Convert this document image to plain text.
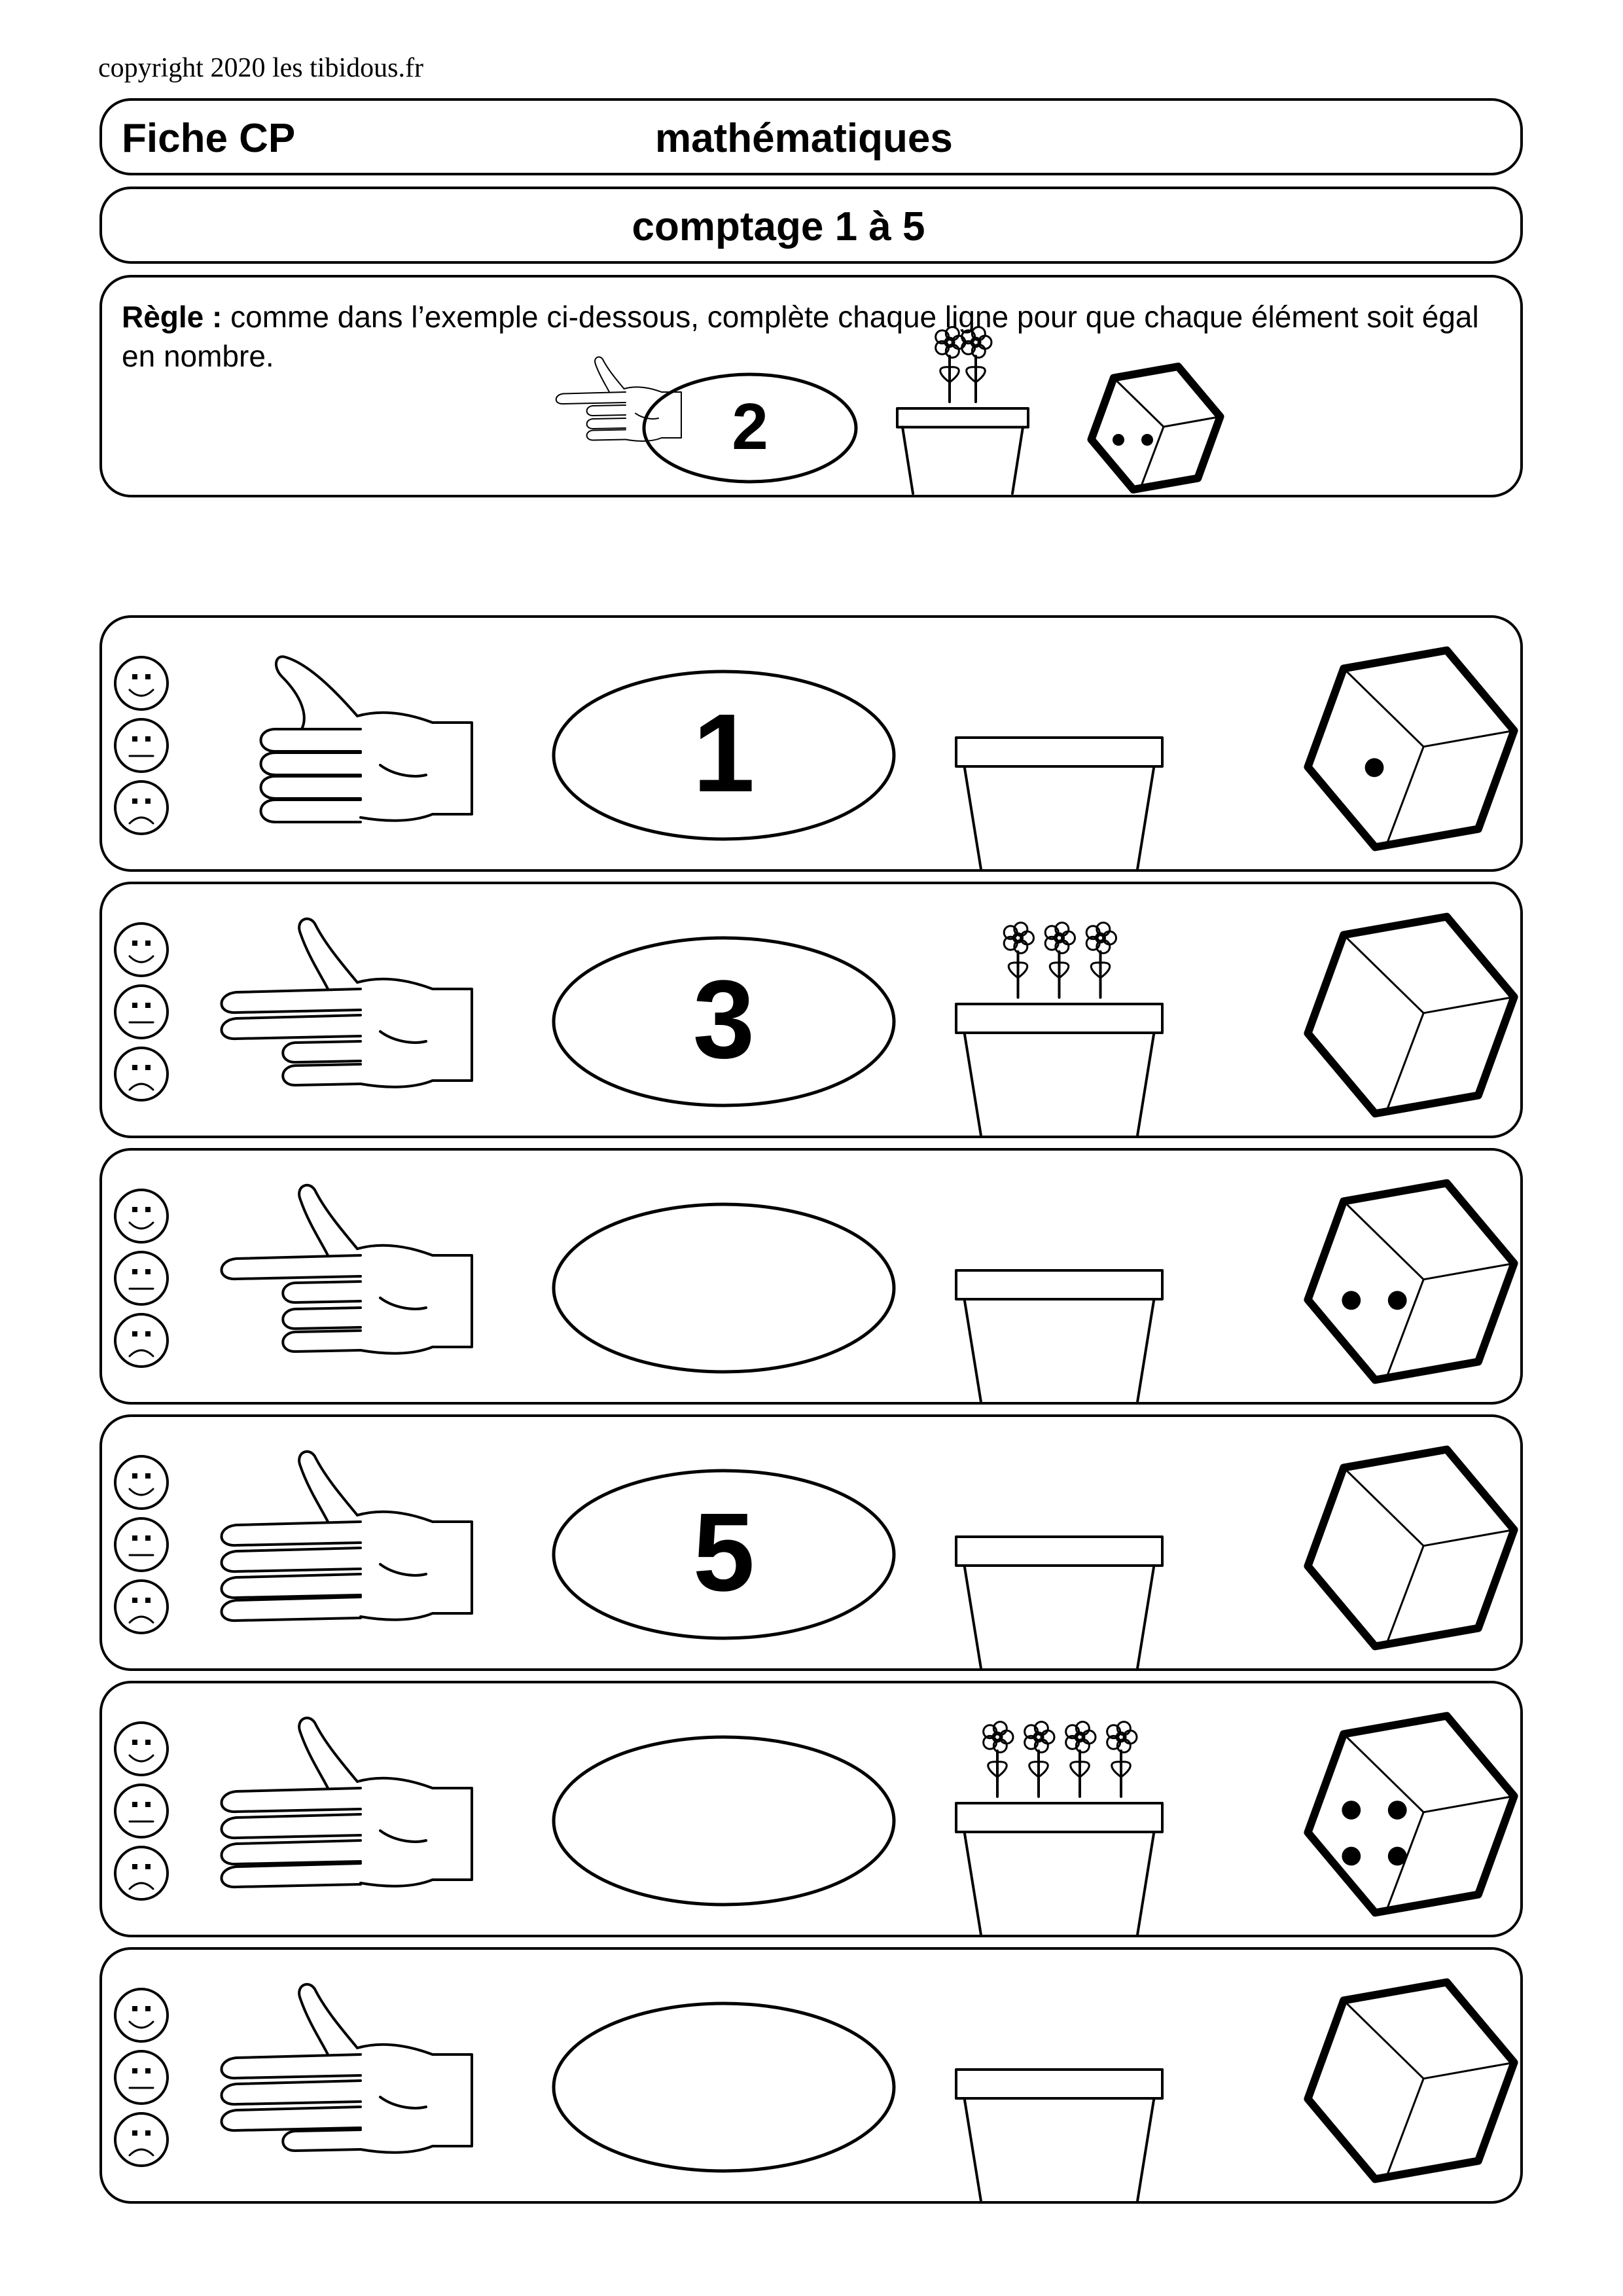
copyright 2020 les tibidous.fr
Fiche CP	mathématiques
comptage 1 à 5
Règle : comme dans l’exemple ci-dessous, complète chaque ligne pour que chaque élément soit égal en nombre.
2
1
3
5
